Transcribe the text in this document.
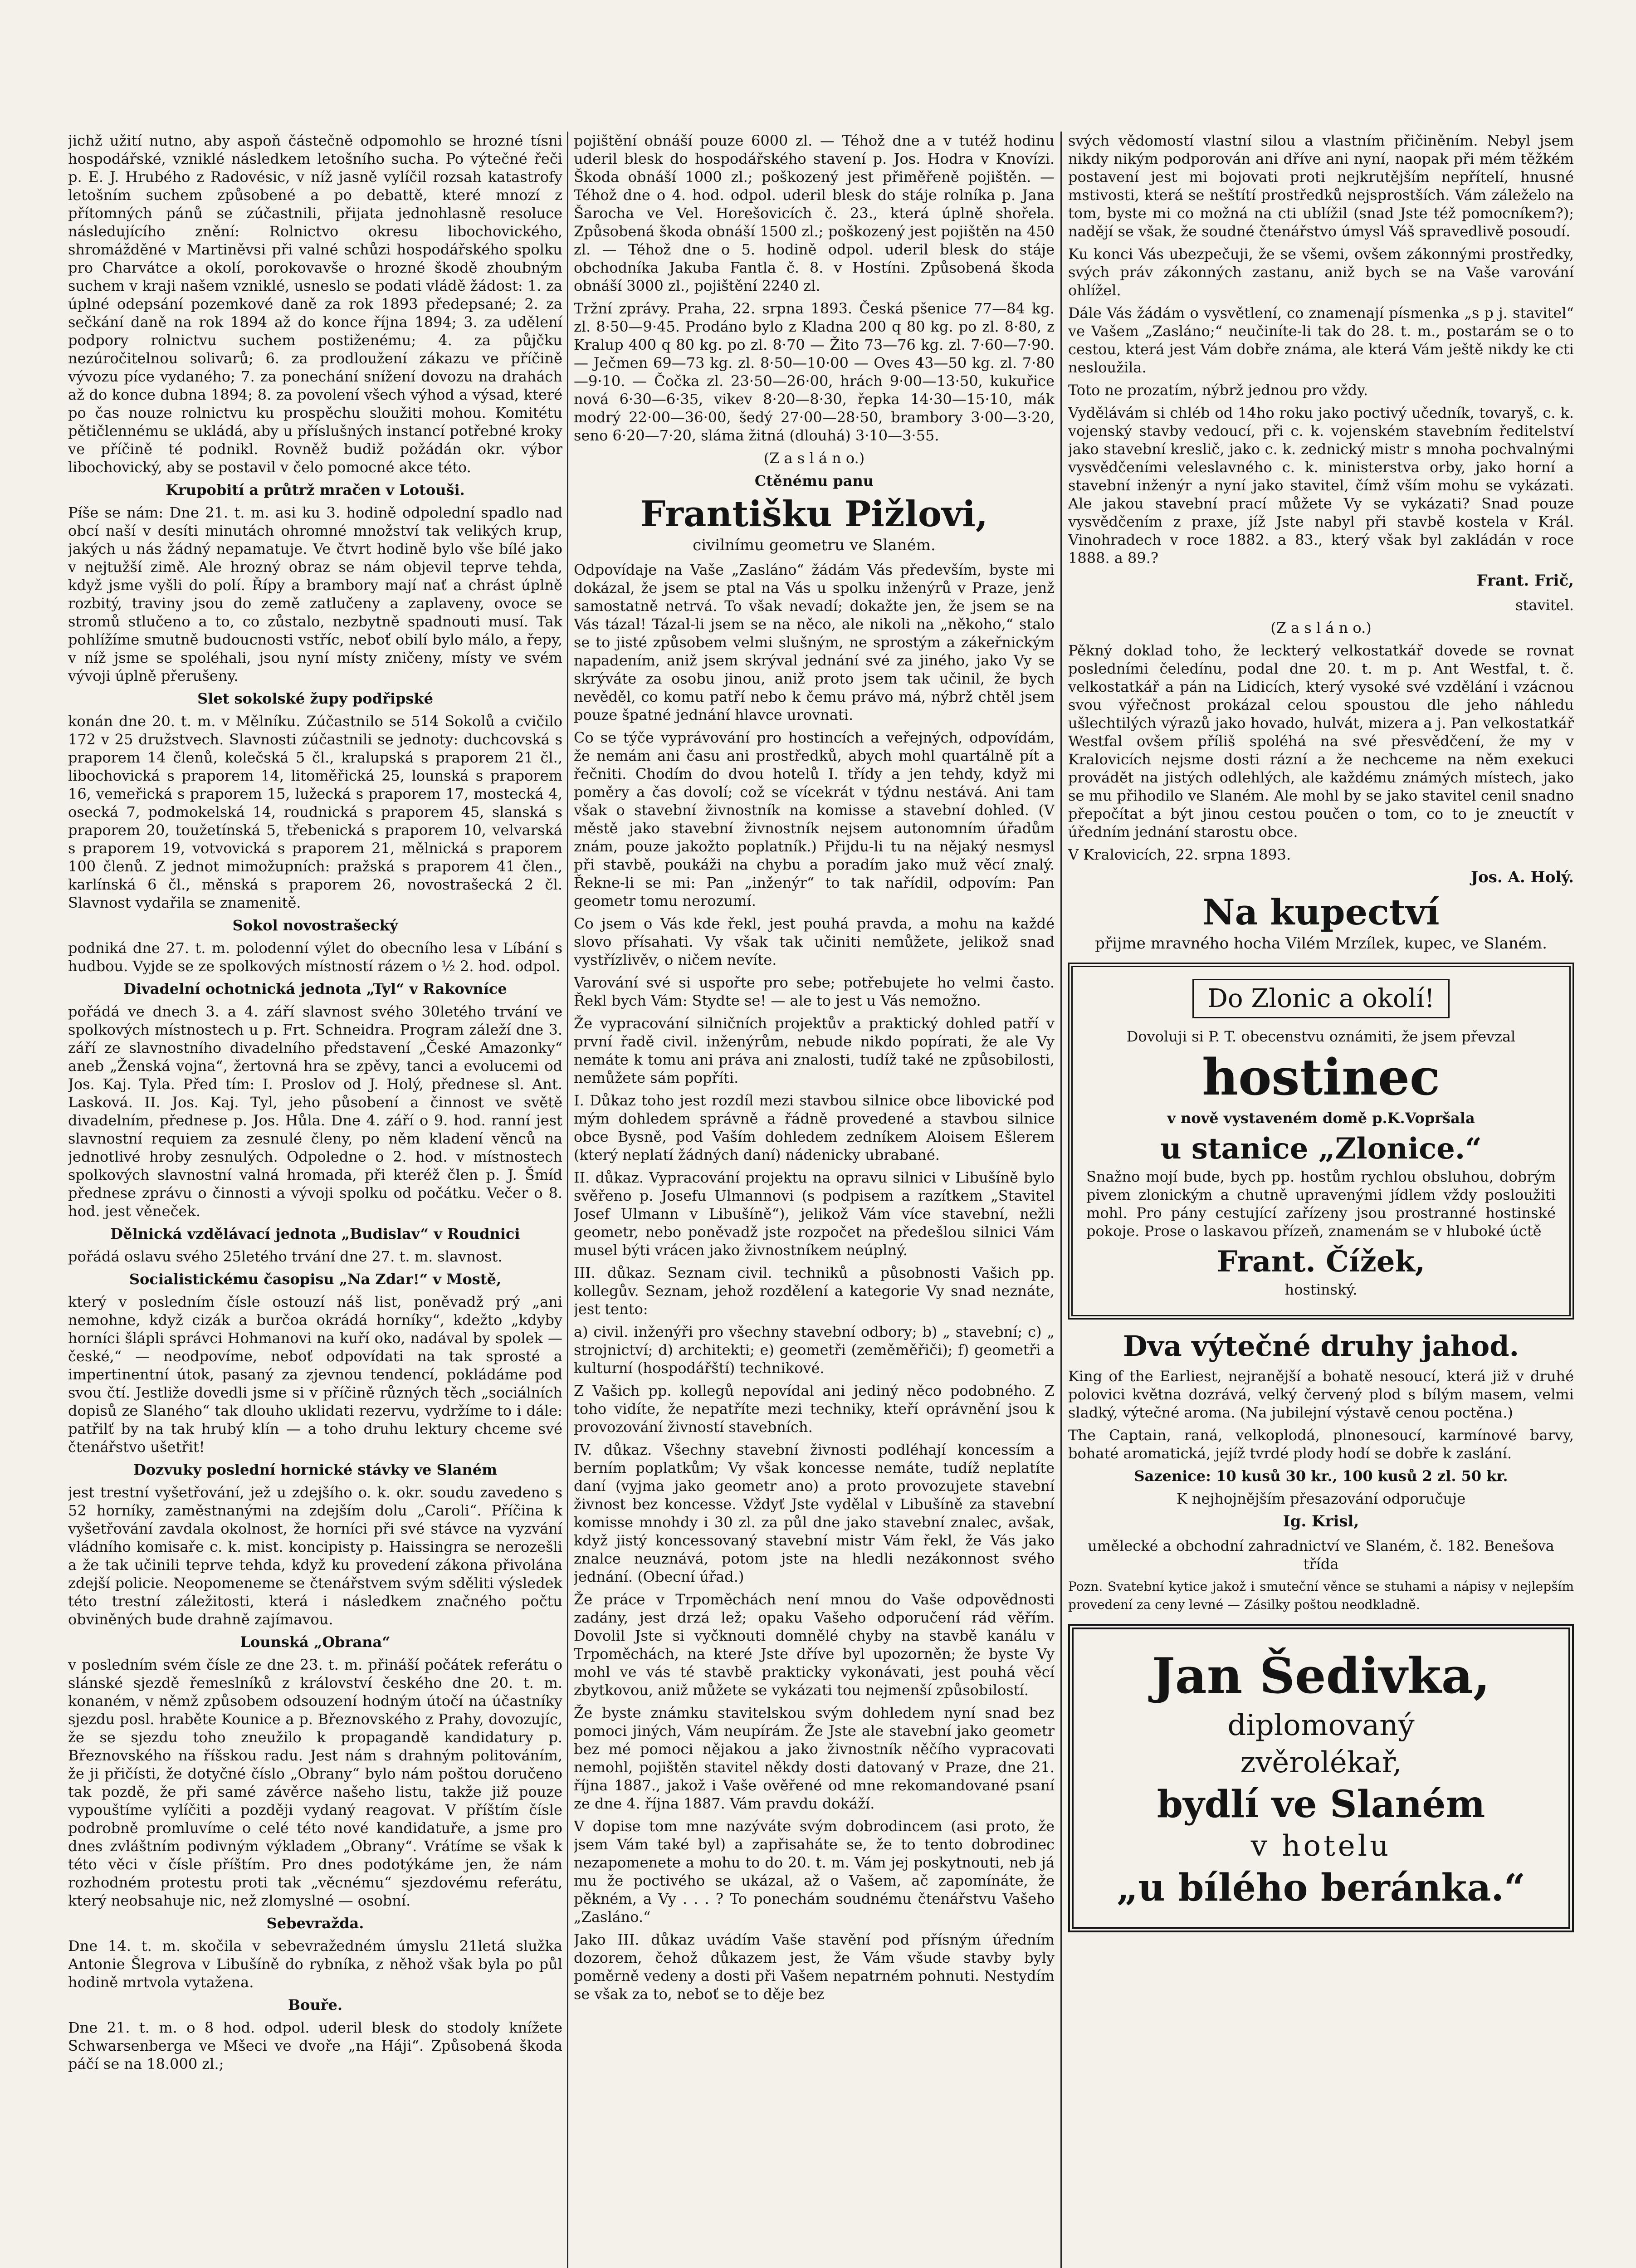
jichž užití nutno, aby aspoň částečně odpomohlo se hrozné tísni hospodářské, vzniklé následkem letošního sucha. Po výtečné řeči p. E. J. Hrubého z Radovésic, v níž jasně vylíčil rozsah katastrofy letošním suchem způsobené a po debattě, které mnozí z přítomných pánů se zúčastnili, přijata jednohlasně resoluce následujícího znění: Rolnictvo okresu libochovického, shromážděné v Martiněvsi při valné schůzi hospodářského spolku pro Charvátce a okolí, porokovavše o hrozné škodě zhoubným suchem v kraji našem vzniklé, usneslo se podati vládě žádost: 1. za úplné odepsání pozemkové daně za rok 1893 předepsané; 2. za sečkání daně na rok 1894 až do konce října 1894; 3. za udělení podpory rolnictvu suchem postiženému; 4. za půjčku nezúročitelnou solivarů; 6. za prodloužení zákazu ve příčině vývozu píce vydaného; 7. za ponechání snížení dovozu na drahách až do konce dubna 1894; 8. za povolení všech výhod a výsad, které po čas nouze rolnictvu ku prospěchu sloužiti mohou. Komitétu pětičlennému se ukládá, aby u příslušných instancí potřebné kroky ve příčině té podnikl. Rovněž budiž požádán okr. výbor libochovický, aby se postavil v čelo pomocné akce této.

Krupobití a průtrž mračen v Lotouši.

Píše se nám: Dne 21. t. m. asi ku 3. hodině odpolední spadlo nad obcí naší v desíti minutách ohromné množství tak velikých krup, jakých u nás žádný nepamatuje. Ve čtvrt hodině bylo vše bílé jako v nejtužší zimě. Ale hrozný obraz se nám objevil teprve tehda, když jsme vyšli do polí. Řípy a brambory mají nať a chrást úplně rozbitý, traviny jsou do země zatlučeny a zaplaveny, ovoce se stromů stlučeno a to, co zůstalo, nezbytně spadnouti musí. Tak pohlížíme smutně budoucnosti vstříc, neboť obilí bylo málo, a řepy, v níž jsme se spoléhali, jsou nyní místy zničeny, místy ve svém vývoji úplně přerušeny.

Slet sokolské župy podřipské

konán dne 20. t. m. v Mělníku. Zúčastnilo se 514 Sokolů a cvičilo 172 v 25 družstvech. Slavnosti zúčastnili se jednoty: duchcovská s praporem 14 členů, kolečská 5 čl., kralupská s praporem 21 čl., libochovická s praporem 14, litoměřická 25, lounská s praporem 16, vemeřická s praporem 15, lužecká s praporem 17, mostecká 4, osecká 7, podmokelská 14, roudnická s praporem 45, slanská s praporem 20, toužetínská 5, třebenická s praporem 10, velvarská s praporem 19, votvovická s praporem 21, mělnická s praporem 100 členů. Z jednot mimožupních: pražská s praporem 41 člen., karlínská 6 čl., měnská s praporem 26, novostrašecká 2 čl. Slavnost vydařila se znamenitě.

Sokol novostrašecký

podniká dne 27. t. m. polodenní výlet do obecního lesa v Líbání s hudbou. Vyjde se ze spolkových místností rázem o ½ 2. hod. odpol.

Divadelní ochotnická jednota „Tyl“ v Rakovníce

pořádá ve dnech 3. a 4. září slavnost svého 30letého trvání ve spolkových místnostech u p. Frt. Schneidra. Program záleží dne 3. září ze slavnostního divadelního představení „České Amazonky“ aneb „Ženská vojna“, žertovná hra se zpěvy, tanci a evolucemi od Jos. Kaj. Tyla. Před tím: I. Proslov od J. Holý, přednese sl. Ant. Lasková. II. Jos. Kaj. Tyl, jeho působení a činnost ve světě divadelním, přednese p. Jos. Hůla. Dne 4. září o 9. hod. ranní jest slavnostní requiem za zesnulé členy, po něm kladení věnců na jednotlivé hroby zesnulých. Odpoledne o 2. hod. v místnostech spolkových slavnostní valná hromada, při kteréž člen p. J. Šmíd přednese zprávu o činnosti a vývoji spolku od počátku. Večer o 8. hod. jest věneček.

Dělnická vzdělávací jednota „Budislav“ v Roudnici

pořádá oslavu svého 25letého trvání dne 27. t. m. slavnost.

Socialistickému časopisu „Na Zdar!“ v Mostě,

který v posledním čísle ostouzí náš list, poněvadž prý „ani nemohne, když cizák a burčoa okrádá horníky“, kdežto „kdyby horníci šlápli správci Hohmanovi na kuří oko, nadával by spolek — české,“ — neodpovíme, neboť odpovídati na tak sprosté a impertinentní útok, pasaný za zjevnou tendencí, pokládáme pod svou čtí. Jestliže dovedli jsme si v příčině různých těch „sociálních dopisů ze Slaného“ tak dlouho uklidati rezervu, vydržíme to i dále: patřilť by na tak hrubý klín — a toho druhu lektury chceme své čtenářstvo ušetřit!

Dozvuky poslední hornické stávky ve Slaném

jest trestní vyšetřování, jež u zdejšího o. k. okr. soudu zavedeno s 52 horníky, zaměstnanými na zdejším dolu „Caroli“. Příčina k vyšetřování zavdala okolnost, že horníci při své stávce na vyzvání vládního komisaře c. k. mist. koncipisty p. Haissingra se nerozešli a že tak učinili teprve tehda, když ku provedení zákona přivolána zdejší policie. Neopomeneme se čtenářstvem svým sděliti výsledek této trestní záležitosti, která i následkem značného počtu obviněných bude drahně zajímavou.

Lounská „Obrana“

v posledním svém čísle ze dne 23. t. m. přináší počátek referátu o slánské sjezdě řemeslníků z království českého dne 20. t. m. konaném, v němž způsobem odsouzení hodným útočí na účastníky sjezdu posl. hraběte Kounice a p. Březnovského z Prahy, dovozujíc, že se sjezdu toho zneužilo k propagandě kandidatury p. Březnovského na říšskou radu. Jest nám s drahným politováním, že ji přičísti, že dotyčné číslo „Obrany“ bylo nám poštou doručeno tak pozdě, že při samé závěrce našeho listu, takže již pouze vypouštíme vylíčiti a později vydaný reagovat. V příštím čísle podrobně promluvíme o celé této nové kandidatuře, a jsme pro dnes zvláštním podivným výkladem „Obrany“. Vrátíme se však k této věci v čísle příštím. Pro dnes podotýkáme jen, že nám rozhodném protestu proti tak „věcnému“ sjezdovému referátu, který neobsahuje nic, než zlomyslné — osobní.

Sebevražda.

Dne 14. t. m. skočila v sebevražedném úmyslu 21letá služka Antonie Šlegrova v Libušíně do rybníka, z něhož však byla po půl hodině mrtvola vytažena.

Bouře.

Dne 21. t. m. o 8 hod. odpol. uderil blesk do stodoly knížete Schwarsenberga ve Mšeci ve dvoře „na Háji“. Způsobená škoda páčí se na 18.000 zl.;

pojištění obnáší pouze 6000 zl. — Téhož dne a v tutéž hodinu uderil blesk do hospodářského stavení p. Jos. Hodra v Knovízi. Škoda obnáší 1000 zl.; poškozený jest přiměřeně pojištěn. — Téhož dne o 4. hod. odpol. uderil blesk do stáje rolníka p. Jana Šarocha ve Vel. Horešovicích č. 23., která úplně shořela. Způsobená škoda obnáší 1500 zl.; poškozený jest pojištěn na 450 zl. — Téhož dne o 5. hodině odpol. uderil blesk do stáje obchodníka Jakuba Fantla č. 8. v Hostíni. Způsobená škoda obnáší 3000 zl., pojištění 2240 zl.

Tržní zprávy. Praha, 22. srpna 1893. Česká pšenice 77—84 kg. zl. 8·50—9·45. Prodáno bylo z Kladna 200 q 80 kg. po zl. 8·80, z Kralup 400 q 80 kg. po zl. 8·70 — Žito 73—76 kg. zl. 7·60—7·90. — Ječmen 69—73 kg. zl. 8·50—10·00 — Oves 43—50 kg. zl. 7·80—9·10. — Čočka zl. 23·50—26·00, hrách 9·00—13·50, kukuřice nová 6·30—6·35, vikev 8·20—8·30, řepka 14·30—15·10, mák modrý 22·00—36·00, šedý 27·00—28·50, brambory 3·00—3·20, seno 6·20—7·20, sláma žitná (dlouhá) 3·10—3·55.

(Z a s l á n o.)

Ctěnému panu

Františku Pižlovi,

civilnímu geometru ve Slaném.

Odpovídaje na Vaše „Zasláno“ žádám Vás především, byste mi dokázal, že jsem se ptal na Vás u spolku inženýrů v Praze, jenž samostatně netrvá. To však nevadí; dokažte jen, že jsem se na Vás tázal! Tázal-li jsem se na něco, ale nikoli na „někoho,“ stalo se to jisté způsobem velmi slušným, ne sprostým a zákeřnickým napadením, aniž jsem skrýval jednání své za jiného, jako Vy se skrýváte za osobu jinou, aniž proto jsem tak učinil, že bych nevěděl, co komu patří nebo k čemu právo má, nýbrž chtěl jsem pouze špatné jednání hlavce urovnati.

Co se týče vyprávování pro hostincích a veřejných, odpovídám, že nemám ani času ani prostředků, abych mohl quartálně pít a řečniti. Chodím do dvou hotelů I. třídy a jen tehdy, když mi poměry a čas dovolí; což se vícekrát v týdnu nestává. Ani tam však o stavební živnostník na komisse a stavební dohled. (V městě jako stavební živnostník nejsem autonomním úřadům znám, pouze jakožto poplatník.) Přijdu-li tu na nějaký nesmysl při stavbě, poukáži na chybu a poradím jako muž věcí znalý. Řekne-li se mi: Pan „inženýr“ to tak nařídil, odpovím: Pan geometr tomu nerozumí.

Co jsem o Vás kde řekl, jest pouhá pravda, a mohu na každé slovo přísahati. Vy však tak učiniti nemůžete, jelikož snad vystřízlivěv, o ničem nevíte.

Varování své si uspořte pro sebe; potřebujete ho velmi často. Řekl bych Vám: Stydte se! — ale to jest u Vás nemožno.

Že vypracování silničních projektův a praktický dohled patří v první řadě civil. inženýrům, nebude nikdo popírati, že ale Vy nemáte k tomu ani práva ani znalosti, tudíž také ne způsobilosti, nemůžete sám popříti.

I. Důkaz toho jest rozdíl mezi stavbou silnice obce libovické pod mým dohledem správně a řádně provedené a stavbou silnice obce Bysně, pod Vaším dohledem zedníkem Aloisem Ešlerem (který neplatí žádných daní) nádenicky ubrabané.

II. důkaz. Vypracování projektu na opravu silnici v Libušíně bylo svěřeno p. Josefu Ulmannovi (s podpisem a razítkem „Stavitel Josef Ulmann v Libušíně“), jelikož Vám více stavební, nežli geometr, nebo poněvadž jste rozpočet na předešlou silnici Vám musel býti vrácen jako živnostníkem neúplný.

III. důkaz. Seznam civil. techniků a působnosti Vašich pp. kollegův. Seznam, jehož rozdělení a kategorie Vy snad neznáte, jest tento:

a) civil. inženýři pro všechny stavební odbory; b) „ stavební; c) „ strojnictví; d) architekti; e) geometři (zeměměřiči); f) geometři a kulturní (hospodářští) technikové.

Z Vašich pp. kollegů nepovídal ani jediný něco podobného. Z toho vidíte, že nepatříte mezi techniky, kteří oprávnění jsou k provozování živností stavebních.

IV. důkaz. Všechny stavební živnosti podléhají koncessím a berním poplatkům; Vy však koncesse nemáte, tudíž neplatíte daní (vyjma jako geometr ano) a proto provozujete stavební živnost bez koncesse. Vždyť Jste vydělal v Libušíně za stavební komisse mnohdy i 30 zl. za půl dne jako stavební znalec, avšak, když jistý koncessovaný stavební mistr Vám řekl, že Vás jako znalce neuznává, potom jste na hledli nezákonnost svého jednání. (Obecní úřad.)

Že práce v Trpoměchách není mnou do Vaše odpovědnosti zadány, jest drzá lež; opaku Vašeho odporučení rád věřím. Dovolil Jste si vyčknouti domnělé chyby na stavbě kanálu v Trpoměchách, na které Jste dříve byl upozorněn; že byste Vy mohl ve vás té stavbě prakticky vykonávati, jest pouhá věcí zbytkovou, aniž můžete se vykázati tou nejmenší způsobilostí.

Že byste známku stavitelskou svým dohledem nyní snad bez pomoci jiných, Vám neupírám. Že Jste ale stavební jako geometr bez mé pomoci nějakou a jako živnostník něčího vypracovati nemohl, pojištěn stavitel někdy dosti datovaný v Praze, dne 21. října 1887., jakož i Vaše ověřené od mne rekomandované psaní ze dne 4. října 1887. Vám pravdu dokáží.

V dopise tom mne nazýváte svým dobrodincem (asi proto, že jsem Vám také byl) a zapřisaháte se, že to tento dobrodinec nezapomenete a mohu to do 20. t. m. Vám jej poskytnouti, neb já mu že poctivého se ukázal, až o Vašem, ač zapomínáte, že pěkném, a Vy . . . ? To ponechám soudnému čtenářstvu Vašeho „Zasláno.“

Jako III. důkaz uvádím Vaše stavění pod přísným úředním dozorem, čehož důkazem jest, že Vám všude stavby byly poměrně vedeny a dosti při Vašem nepatrném pohnuti. Nestydím se však za to, neboť se to děje bez

svých vědomostí vlastní silou a vlastním přičiněním. Nebyl jsem nikdy nikým podporován ani dříve ani nyní, naopak při mém těžkém postavení jest mi bojovati proti nejkrutějším nepřítelí, hnusné mstivosti, která se neštítí prostředků nejsprostších. Vám záleželo na tom, byste mi co možná na cti ublížil (snad Jste též pomocníkem?); nadějí se však, že soudné čtenářstvo úmysl Váš spravedlivě posoudí.

Ku konci Vás ubezpečuji, že se všemi, ovšem zákonnými prostředky, svých práv zákonných zastanu, aniž bych se na Vaše varování ohlížel.

Dále Vás žádám o vysvětlení, co znamenají písmenka „s p j. stavitel“ ve Vašem „Zasláno;“ neučiníte-li tak do 28. t. m., postarám se o to cestou, která jest Vám dobře známa, ale která Vám ještě nikdy ke cti nesloužila.

Toto ne prozatím, nýbrž jednou pro vždy.

Vydělávám si chléb od 14ho roku jako poctivý učedník, tovaryš, c. k. vojenský stavby vedoucí, při c. k. vojenském stavebním ředitelství jako stavební kreslič, jako c. k. zednický mistr s mnoha pochvalnými vysvědčeními veleslavného c. k. ministerstva orby, jako horní a stavební inženýr a nyní jako stavitel, čímž vším mohu se vykázati. Ale jakou stavební prací můžete Vy se vykázati? Snad pouze vysvědčením z praxe, jíž Jste nabyl při stavbě kostela v Král. Vinohradech v roce 1882. a 83., který však byl zakládán v roce 1888. a 89.?

Frant. Frič,

stavitel.

(Z a s l á n o.)

Pěkný doklad toho, že leckterý velkostatkář dovede se rovnat posledními čeledínu, podal dne 20. t. m p. Ant Westfal, t. č. velkostatkář a pán na Lidicích, který vysoké své vzdělání i vzácnou svou výřečnost prokázal celou spoustou dle jeho náhledu ušlechtilých výrazů jako hovado, hulvát, mizera a j. Pan velkostatkář Westfal ovšem příliš spoléhá na své přesvědčení, že my v Kralovicích nejsme dosti rázní a že nechceme na něm exekuci provádět na jistých odlehlých, ale každému známých místech, jako se mu přihodilo ve Slaném. Ale mohl by se jako stavitel cenil snadno přepočítat a být jinou cestou poučen o tom, co to je zneuctít v úředním jednání starostu obce.

V Kralovicích, 22. srpna 1893.

Jos. A. Holý.
Na kupectví

přijme mravného hocha Vilém Mrzílek, kupec, ve Slaném.

Do Zlonic a okolí!

Dovoluji si P. T. obecenstvu oznámiti, že jsem převzal

hostinec

v nově vystaveném domě p.K.Vopršala

u stanice „Zlonice.“

Snažno mojí bude, bych pp. hostům rychlou obsluhou, dobrým pivem zlonickým a chutně upravenými jídlem vždy posloužiti mohl. Pro pány cestující zařízeny jsou prostranné hostinské pokoje. Prose o laskavou přízeň, znamenám se v hluboké úctě

Frant. Čížek,

hostinský.

Dva výtečné druhy jahod.

King of the Earliest, nejranější a bohatě nesoucí, která již v druhé polovici května dozrává, velký červený plod s bílým masem, velmi sladký, výtečné aroma. (Na jubilejní výstavě cenou poctěna.)

The Captain, raná, velkoplodá, plnonesoucí, karmínové barvy, bohaté aromatická, jejíž tvrdé plody hodí se dobře k zaslání.

Sazenice: 10 kusů 30 kr., 100 kusů 2 zl. 50 kr.

K nejhojnějším přesazování odporučuje

Ig. Krisl,

umělecké a obchodní zahradnictví ve Slaném, č. 182. Benešova třída

Pozn. Svatební kytice jakož i smuteční věnce se stuhami a nápisy v nejlepším provedení za ceny levné — Zásilky poštou neodkladně.

Jan Šedivka,
diplomovaný
zvěrolékař,
bydlí ve Slaném
v hotelu
„u bílého beránka.“
